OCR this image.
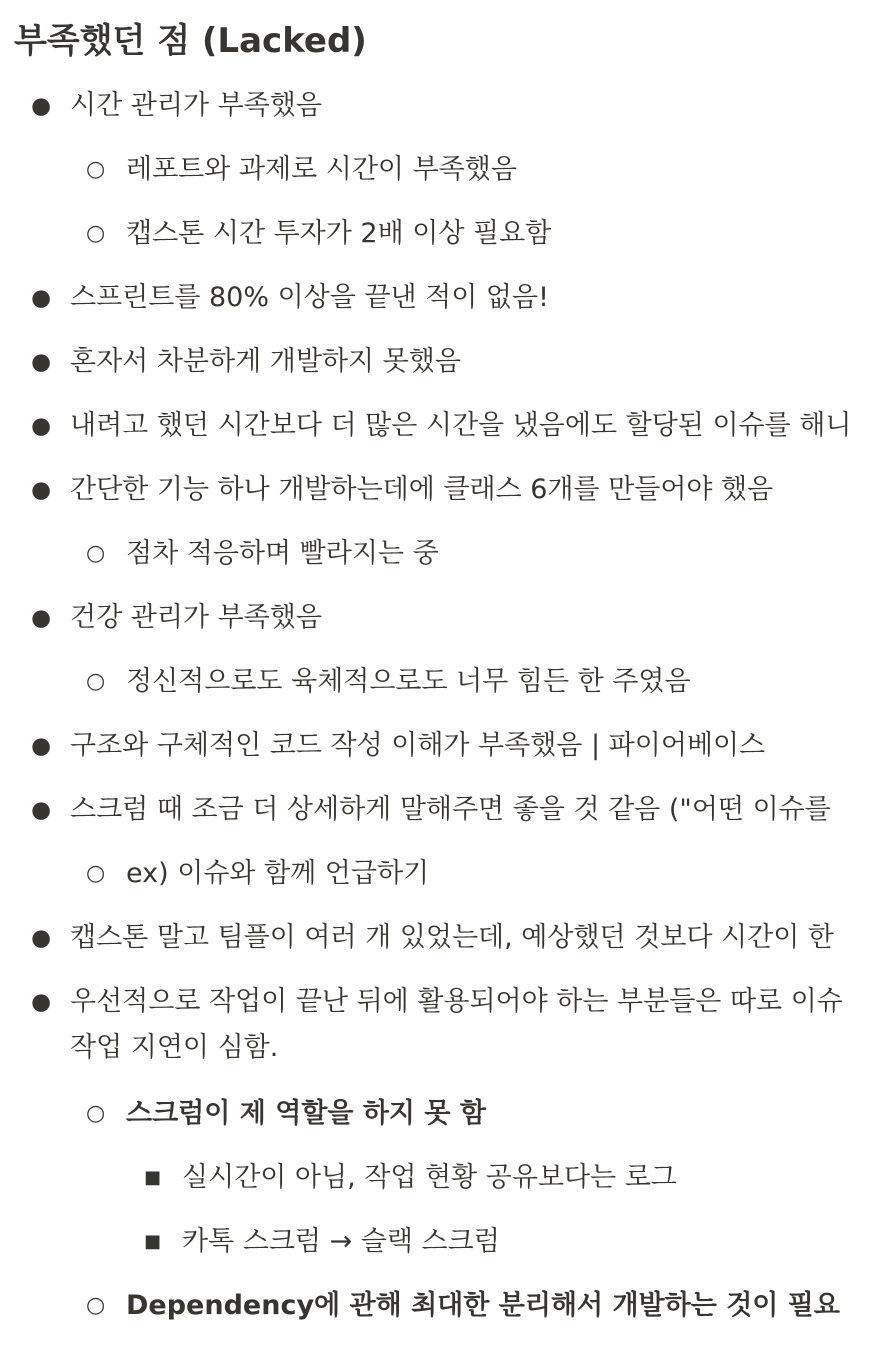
부족했던 점 (Lacked)
● 시간 관리가 부족했음
○ 레포트와 과제로 시간이 부족했음
○ 캡스톤 시간 투자가 2배 이상 필요함
● 스프린트를 80% 이상을 끝낸 적이 없음!
● 혼자서 차분하게 개발하지 못했음
● 내려고 했던 시간보다 더 많은 시간을 냈음에도 할당된 이슈를 해니
● 간단한 기능 하나 개발하는데에 클래스 6개를 만들어야 했음
○ 점차 적응하며 빨라지는 중
● 건강 관리가 부족했음
○ 정신적으로도 육체적으로도 너무 힘든 한 주였음
● 구조와 구체적인 코드 작성 이해가 부족했음 | 파이어베이스
● 스크럼 때 조금 더 상세하게 말해주면 좋을 것 같음 ("어떤 이슈를
○ ex) 이슈와 함께 언급하기
● 캡스톤 말고 팀플이 여러 개 있었는데, 예상했던 것보다 시간이 한
● 우선적으로 작업이 끝난 뒤에 활용되어야 하는 부분들은 따로 이슈
작업 지연이 심함.
○ 스크럼이 제 역할을 하지 못 함
■ 실시간이 아님, 작업 현황 공유보다는 로그
■ 카톡 스크럼 → 슬랙 스크럼
○ Dependency에 관해 최대한 분리해서 개발하는 것이 필요
